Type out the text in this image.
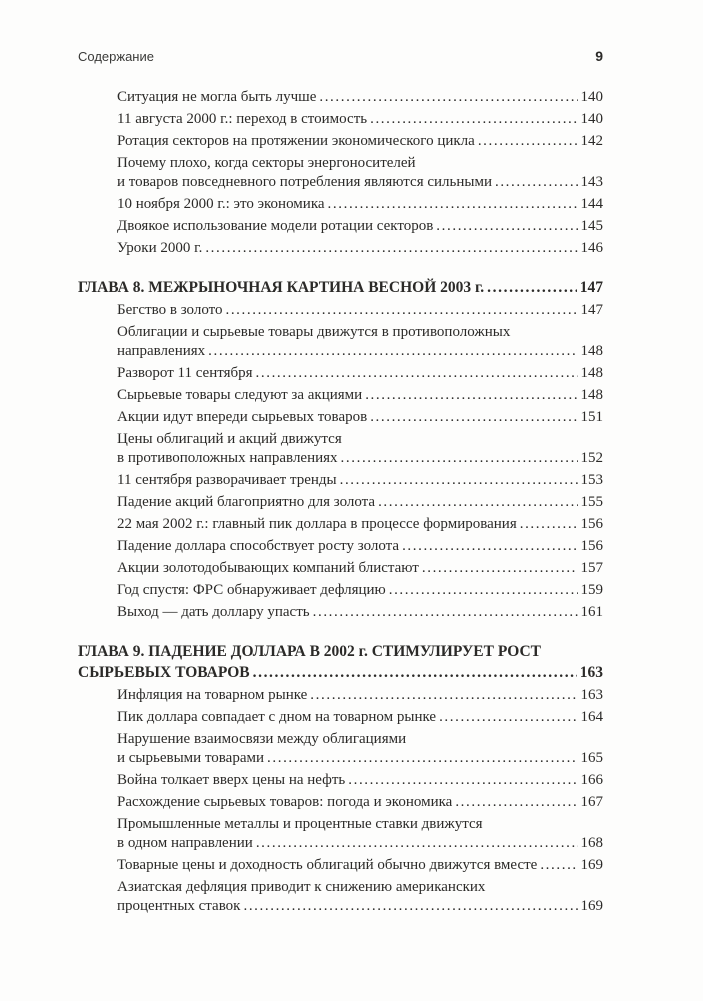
Содержание	9
Ситуация не могла быть лучше .....	140
11 августа 2000 г.: переход в стоимость .....	140
Ротация секторов на протяжении экономического цикла .....	142
Почему плохо, когда секторы энергоносителей
и товаров повседневного потребления являются сильными .....	143
10 ноября 2000 г.: это экономика .....	144
Двоякое использование модели ротации секторов .....	145
Уроки 2000 г. .....	146
ГЛАВА 8. МЕЖРЫНОЧНАЯ КАРТИНА ВЕСНОЙ 2003 г. .....	147
Бегство в золото .....	147
Облигации и сырьевые товары движутся в противоположных
направлениях .....	148
Разворот 11 сентября .....	148
Сырьевые товары следуют за акциями .....	148
Акции идут впереди сырьевых товаров .....	151
Цены облигаций и акций движутся
в противоположных направлениях .....	152
11 сентября разворачивает тренды .....	153
Падение акций благоприятно для золота .....	155
22 мая 2002 г.: главный пик доллара в процессе формирования .....	156
Падение доллара способствует росту золота .....	156
Акции золотодобывающих компаний блистают .....	157
Год спустя: ФРС обнаруживает дефляцию .....	159
Выход — дать доллару упасть .....	161
ГЛАВА 9. ПАДЕНИЕ ДОЛЛАРА В 2002 г. СТИМУЛИРУЕТ РОСТ
СЫРЬЕВЫХ ТОВАРОВ .....	163
Инфляция на товарном рынке .....	163
Пик доллара совпадает с дном на товарном рынке .....	164
Нарушение взаимосвязи между облигациями
и сырьевыми товарами .....	165
Война толкает вверх цены на нефть .....	166
Расхождение сырьевых товаров: погода и экономика .....	167
Промышленные металлы и процентные ставки движутся
в одном направлении .....	168
Товарные цены и доходность облигаций обычно движутся вместе .....	169
Азиатская дефляция приводит к снижению американских
процентных ставок .....	169
